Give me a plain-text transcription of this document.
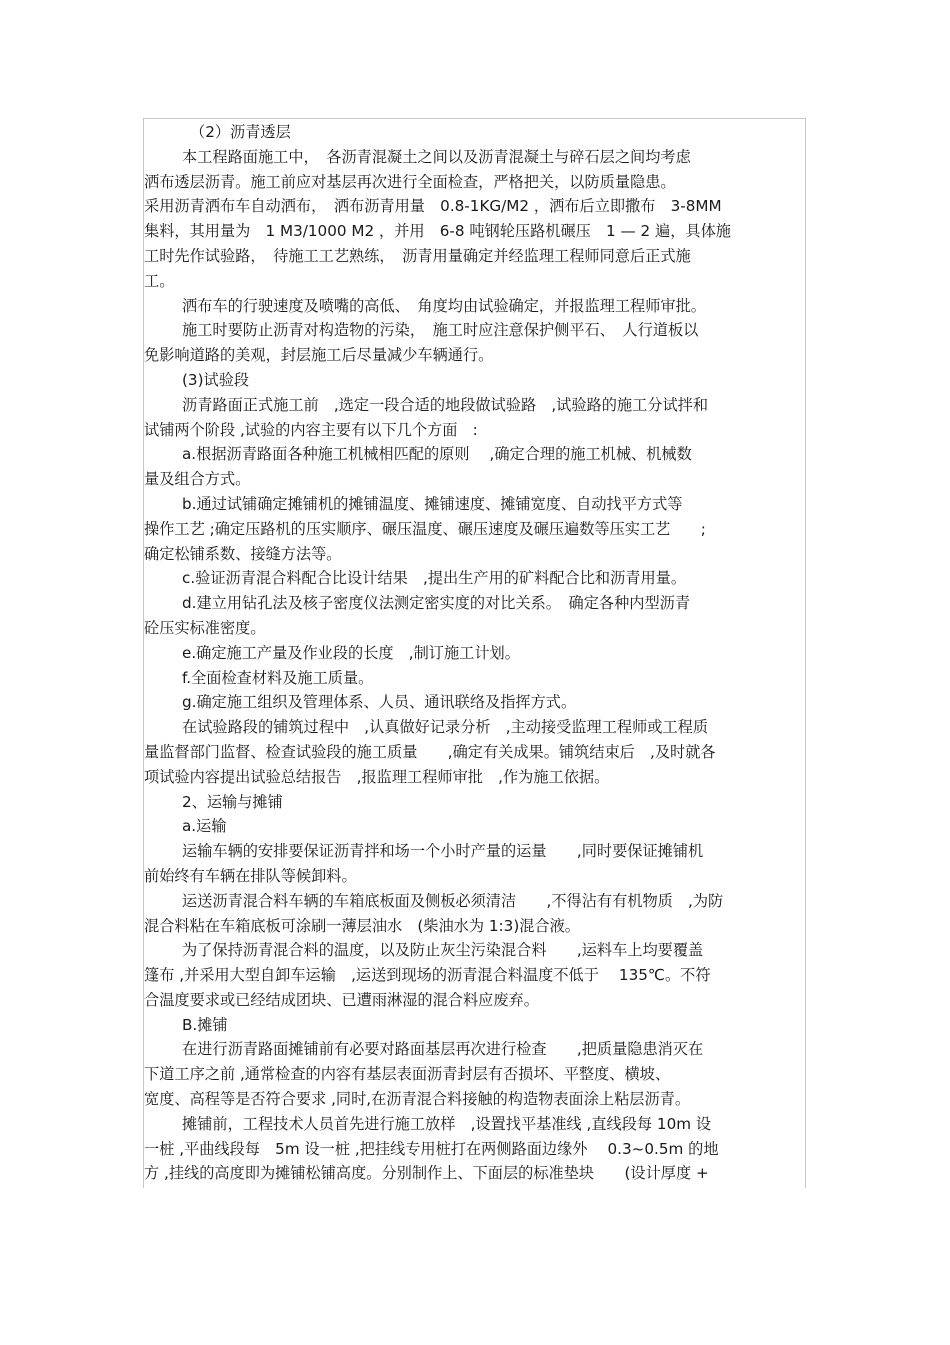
（2）沥青透层
本工程路面施工中，　各沥青混凝土之间以及沥青混凝土与碎石层之间均考虑
洒布透层沥青。施工前应对基层再次进行全面检查，严格把关，以防质量隐患。
采用沥青洒布车自动洒布，　洒布沥青用量　0.8-1KG/M2 ，洒布后立即撒布　3-8MM
集料，其用量为　1 M3/1000 M2 ，并用　6-8 吨钢轮压路机碾压　1 — 2 遍，具体施
工时先作试验路，　待施工工艺熟练，　沥青用量确定并经监理工程师同意后正式施
工。
洒布车的行驶速度及喷嘴的高低、　角度均由试验确定，并报监理工程师审批。
施工时要防止沥青对构造物的污染，　施工时应注意保护侧平石、　人行道板以
免影响道路的美观，封层施工后尽量减少车辆通行。
(3)试验段
沥青路面正式施工前　,选定一段合适的地段做试验路　,试验路的施工分试拌和
试铺两个阶段 ,试验的内容主要有以下几个方面　:
a.根据沥青路面各种施工机械相匹配的原则　 ,确定合理的施工机械、机械数
量及组合方式。
b.通过试铺确定摊铺机的摊铺温度、摊铺速度、摊铺宽度、自动找平方式等
操作工艺 ;确定压路机的压实顺序、碾压温度、碾压速度及碾压遍数等压实工艺　　;
确定松铺系数、接缝方法等。
c.验证沥青混合料配合比设计结果　,提出生产用的矿料配合比和沥青用量。
d.建立用钻孔法及核子密度仪法测定密实度的对比关系。　确定各种内型沥青
砼压实标准密度。
e.确定施工产量及作业段的长度　,制订施工计划。
f.全面检查材料及施工质量。
g.确定施工组织及管理体系、人员、通讯联络及指挥方式。
在试验路段的铺筑过程中　,认真做好记录分析　,主动接受监理工程师或工程质
量监督部门监督、检查试验段的施工质量　　,确定有关成果。铺筑结束后　,及时就各
项试验内容提出试验总结报告　,报监理工程师审批　,作为施工依据。
2、运输与摊铺
a.运输
运输车辆的安排要保证沥青拌和场一个小时产量的运量　　,同时要保证摊铺机
前始终有车辆在排队等候卸料。
运送沥青混合料车辆的车箱底板面及侧板必须清洁　　,不得沾有有机物质　,为防
混合料粘在车箱底板可涂刷一薄层油水　(柴油水为 1:3)混合液。
为了保持沥青混合料的温度，以及防止灰尘污染混合料　　,运料车上均要覆盖
篷布 ,并采用大型自卸车运输　,运送到现场的沥青混合料温度不低于　 135℃。不符
合温度要求或已经结成团块、已遭雨淋湿的混合料应废弃。
B.摊铺
在进行沥青路面摊铺前有必要对路面基层再次进行检查　　,把质量隐患消灭在
下道工序之前 ,通常检查的内容有基层表面沥青封层有否损坏、平整度、横坡、
宽度、高程等是否符合要求 ,同时,在沥青混合料接触的构造物表面涂上粘层沥青。
摊铺前，工程技术人员首先进行施工放样　,设置找平基准线 ,直线段每 10m 设
一桩 ,平曲线段每　5m 设一桩 ,把挂线专用桩打在两侧路面边缘外　 0.3~0.5m 的地
方 ,挂线的高度即为摊铺松铺高度。分别制作上、下面层的标准垫块　　(设计厚度 +
